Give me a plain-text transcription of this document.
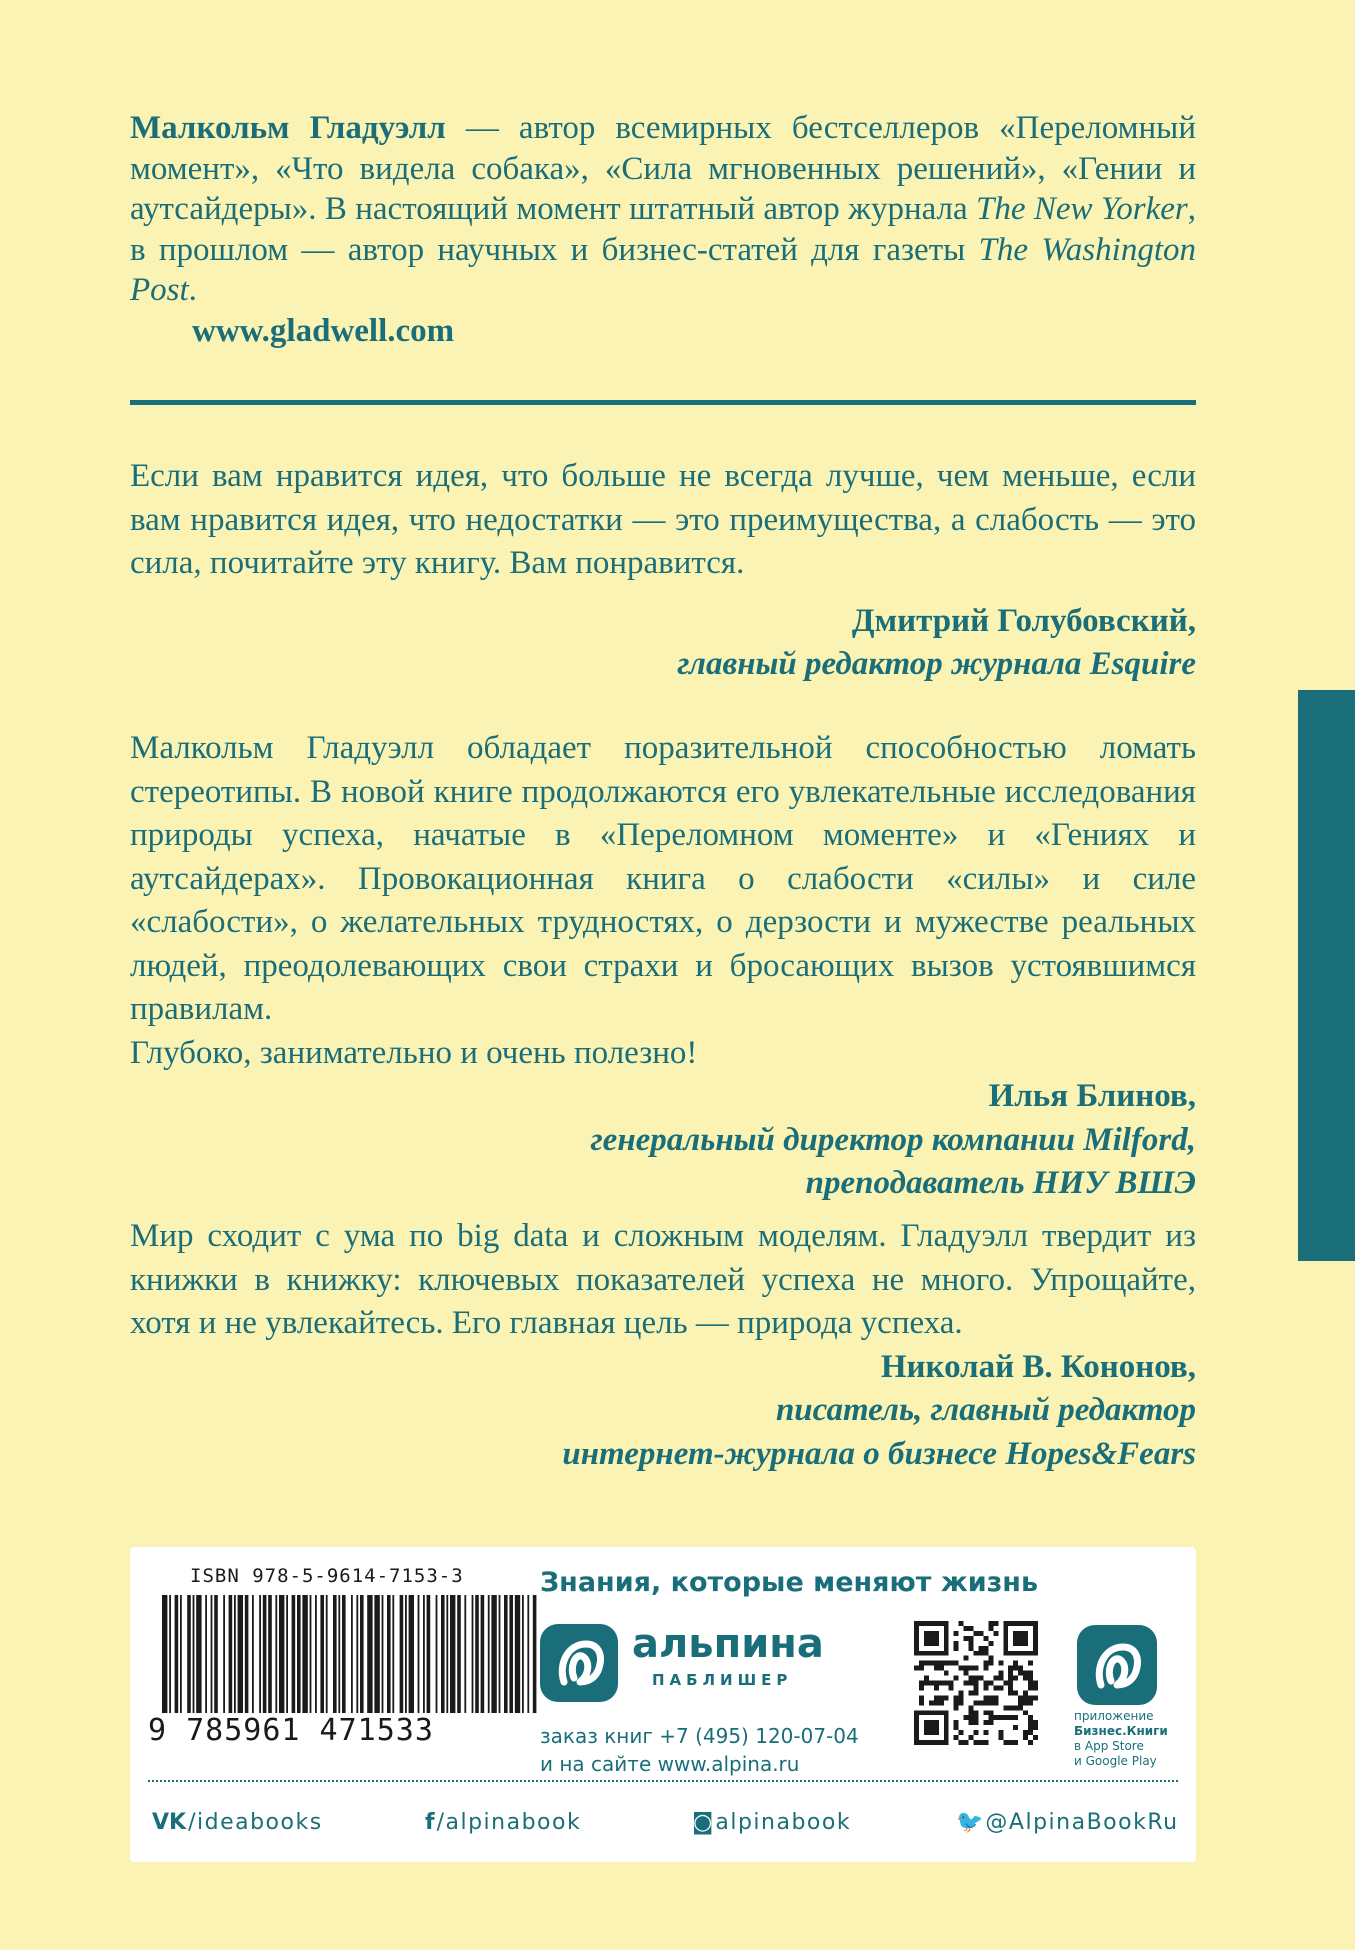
Малкольм Гладуэлл — автор всемирных бестселлеров «Переломный момент», «Что видела собака», «Сила мгновенных решений», «Гении и аутсайдеры». В настоящий момент штатный автор журнала The New Yorker, в прошлом — автор научных и бизнес-статей для газеты The Washington Post.
www.gladwell.com

Если вам нравится идея, что больше не всегда лучше, чем меньше, если вам нравится идея, что недостатки — это преимущества, а слабость — это сила, почитайте эту книгу. Вам понравится.

Дмитрий Голубовский,
главный редактор журнала Esquire

Малкольм Гладуэлл обладает поразительной способностью ломать стереотипы. В новой книге продолжаются его увлекательные исследования природы успеха, начатые в «Переломном моменте» и «Гениях и аутсайдерах». Провокационная книга о слабости «силы» и силе «слабости», о желательных трудностях, о дерзости и мужестве реальных людей, преодолевающих свои страхи и бросающих вызов устоявшимся правилам.

Глубоко, занимательно и очень полезно!

Илья Блинов,
генеральный директор компании Milford,
преподаватель НИУ ВШЭ

Мир сходит с ума по big data и сложным моделям. Гладуэлл твердит из книжки в книжку: ключевых показателей успеха не много. Упрощайте, хотя и не увлекайтесь. Его главная цель — природа успеха.

Николай В. Кононов,
писатель, главный редактор
интернет-журнала о бизнесе Hopes&Fears
ISBN 978-5-9614-7153-3
9 785961 471533
Знания, которые меняют жизнь
альпина
ПАБЛИШЕР
заказ книг +7 (495) 120-07-04
и на сайте www.alpina.ru
приложение
Бизнес.Книги
в App Store
и Google Play
VK/ideabooks	f/alpinabook	◙alpinabook	🐦@AlpinaBookRu
